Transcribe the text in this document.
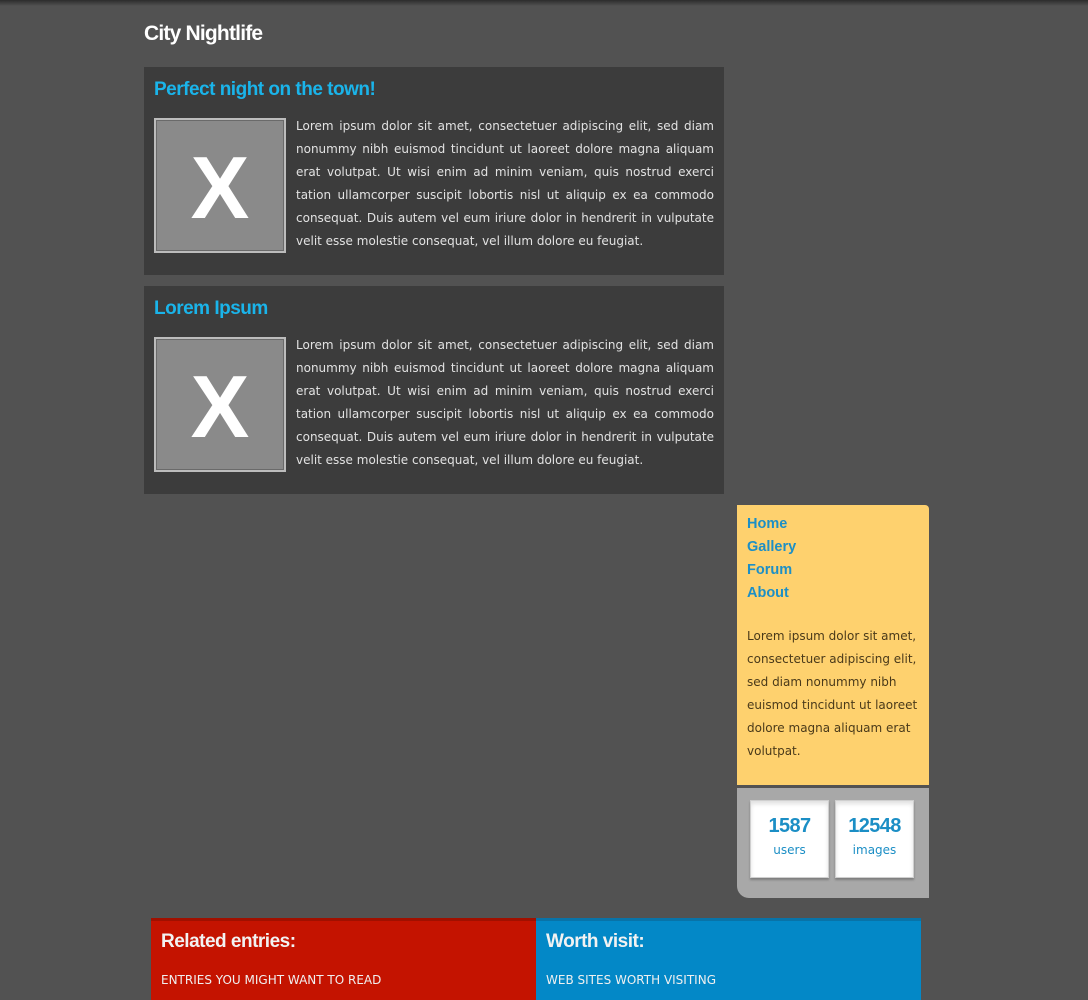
City Nightlife
Perfect night on the town!
X

Lorem ipsum dolor sit amet, consectetuer adipiscing elit, sed diam nonummy nibh euismod tincidunt ut laoreet dolore magna aliquam erat volutpat. Ut wisi enim ad minim veniam, quis nostrud exerci tation ullamcorper suscipit lobortis nisl ut aliquip ex ea commodo consequat. Duis autem vel eum iriure dolor in hendrerit in vulputate velit esse molestie consequat, vel illum dolore eu feugiat.

Lorem Ipsum
X

Lorem ipsum dolor sit amet, consectetuer adipiscing elit, sed diam nonummy nibh euismod tincidunt ut laoreet dolore magna aliquam erat volutpat. Ut wisi enim ad minim veniam, quis nostrud exerci tation ullamcorper suscipit lobortis nisl ut aliquip ex ea commodo consequat. Duis autem vel eum iriure dolor in hendrerit in vulputate velit esse molestie consequat, vel illum dolore eu feugiat.

Home
Gallery
Forum
About

Lorem ipsum dolor sit amet, consectetuer adipiscing elit, sed diam nonummy nibh euismod tincidunt ut laoreet dolore magna aliquam erat volutpat.

1587
users
12548
images
Related entries:

ENTRIES YOU MIGHT WANT TO READ

Worth visit:

WEB SITES WORTH VISITING
